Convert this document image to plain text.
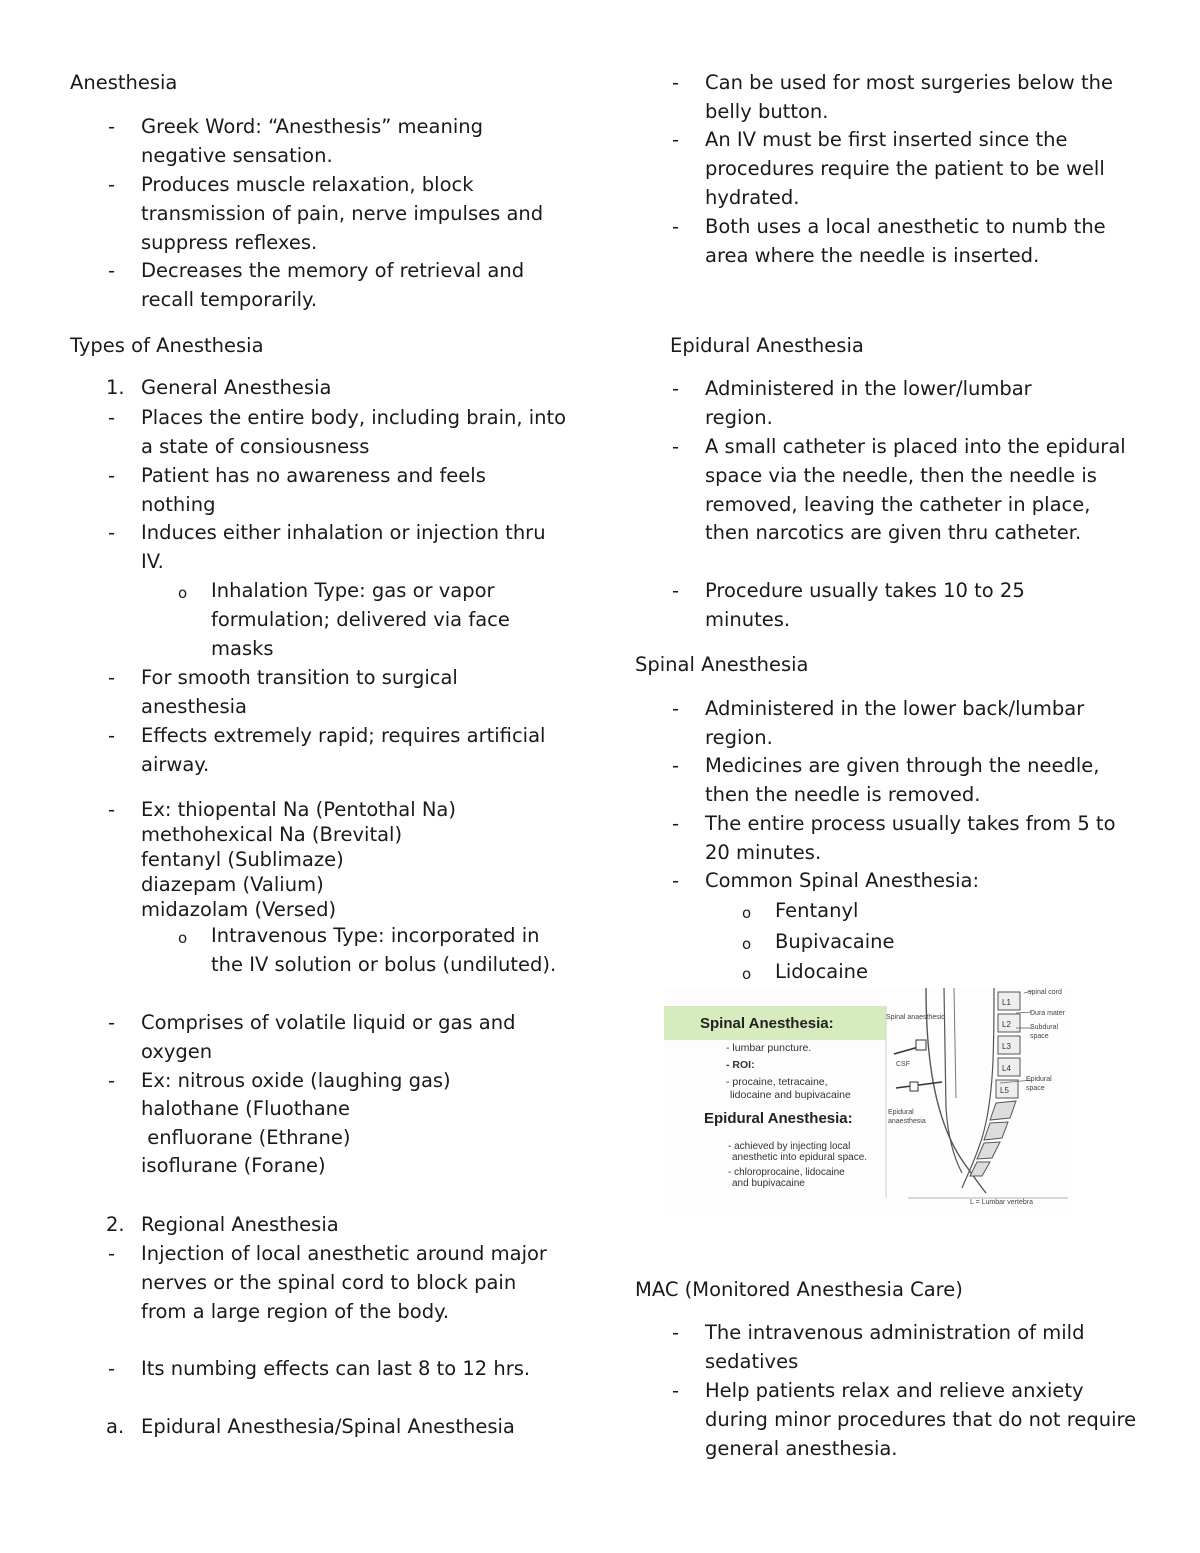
Anesthesia
-	Greek Word: “Anesthesis” meaning negative sensation.
-	Produces muscle relaxation, block transmission of pain, nerve impulses and suppress reflexes.
-	Decreases the memory of retrieval and recall temporarily.
Types of Anesthesia
1. General Anesthesia
-	Places the entire body, including brain, into a state of consiousness
-	Patient has no awareness and feels nothing
-	Induces either inhalation or injection thru IV.
o	Inhalation Type: gas or vapor formulation; delivered via face masks
-	For smooth transition to surgical anesthesia
-	Effects extremely rapid; requires artificial airway.
-	Ex: thiopental Na (Pentothal Na)
methohexical Na (Brevital)
fentanyl (Sublimaze)
diazepam (Valium)
midazolam (Versed)
o	Intravenous Type: incorporated in the IV solution or bolus (undiluted).
-	Comprises of volatile liquid or gas and oxygen
-	Ex: nitrous oxide (laughing gas)
halothane (Fluothane
enfluorane (Ethrane)
isoflurane (Forane)
2. Regional Anesthesia
-	Injection of local anesthetic around major nerves or the spinal cord to block pain from a large region of the body.
-	Its numbing effects can last 8 to 12 hrs.
a. Epidural Anesthesia/Spinal Anesthesia
-	Can be used for most surgeries below the belly button.
-	An IV must be first inserted since the procedures require the patient to be well hydrated.
-	Both uses a local anesthetic to numb the area where the needle is inserted.
Epidural Anesthesia
-	Administered in the lower/lumbar region.
-	A small catheter is placed into the epidural space via the needle, then the needle is removed, leaving the catheter in place, then narcotics are given thru catheter.
-	Procedure usually takes 10 to 25 minutes.
Spinal Anesthesia
-	Administered in the lower back/lumbar region.
-	Medicines are given through the needle, then the needle is removed.
-	The entire process usually takes from 5 to 20 minutes.
-	Common Spinal Anesthesia:
o	Fentanyl
o	Bupivacaine
o	Lidocaine
MAC (Monitored Anesthesia Care)
-	The intravenous administration of mild sedatives
-	Help patients relax and relieve anxiety during minor procedures that do not require general anesthesia.
Spinal Anesthesia:
- lumbar puncture.
- ROI:
- procaine, tetracaine,
lidocaine and bupivacaine
Epidural Anesthesia:
- achieved by injecting local
anesthetic into epidural space.
- chloroprocaine, lidocaine
and bupivacaine
L1
L2
L3
L4
L5
Spinal anaesthesic
spinal cord
Dura mater
Subdural
space
Epidural
space
Epidural
anaesthesia
CSF
L = Lumbar vertebra
